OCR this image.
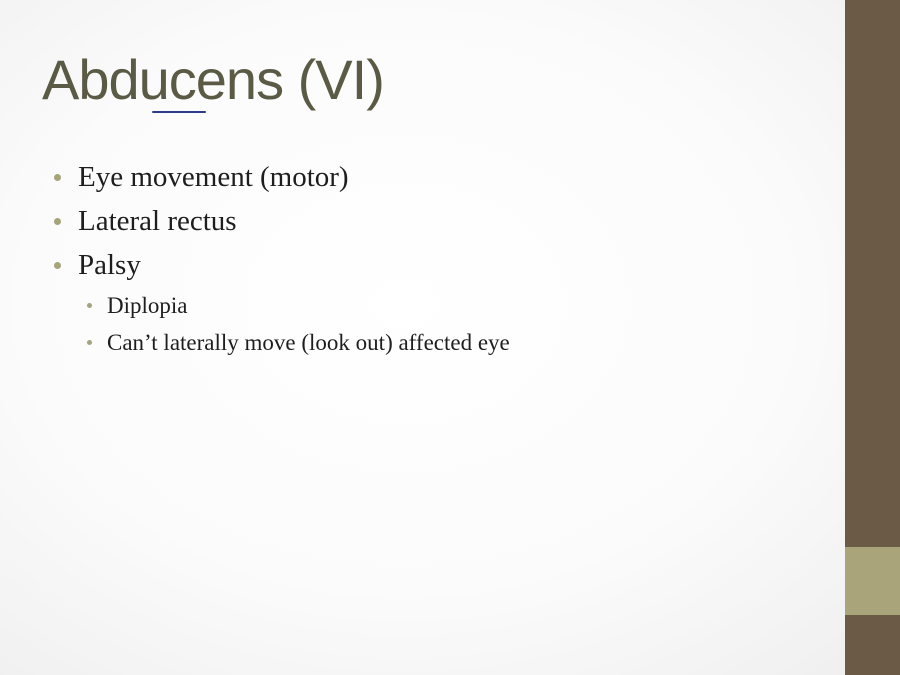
Abducens (VI)
Eye movement (motor)
Lateral rectus
Palsy
Diplopia
Can’t laterally move (look out) affected eye
